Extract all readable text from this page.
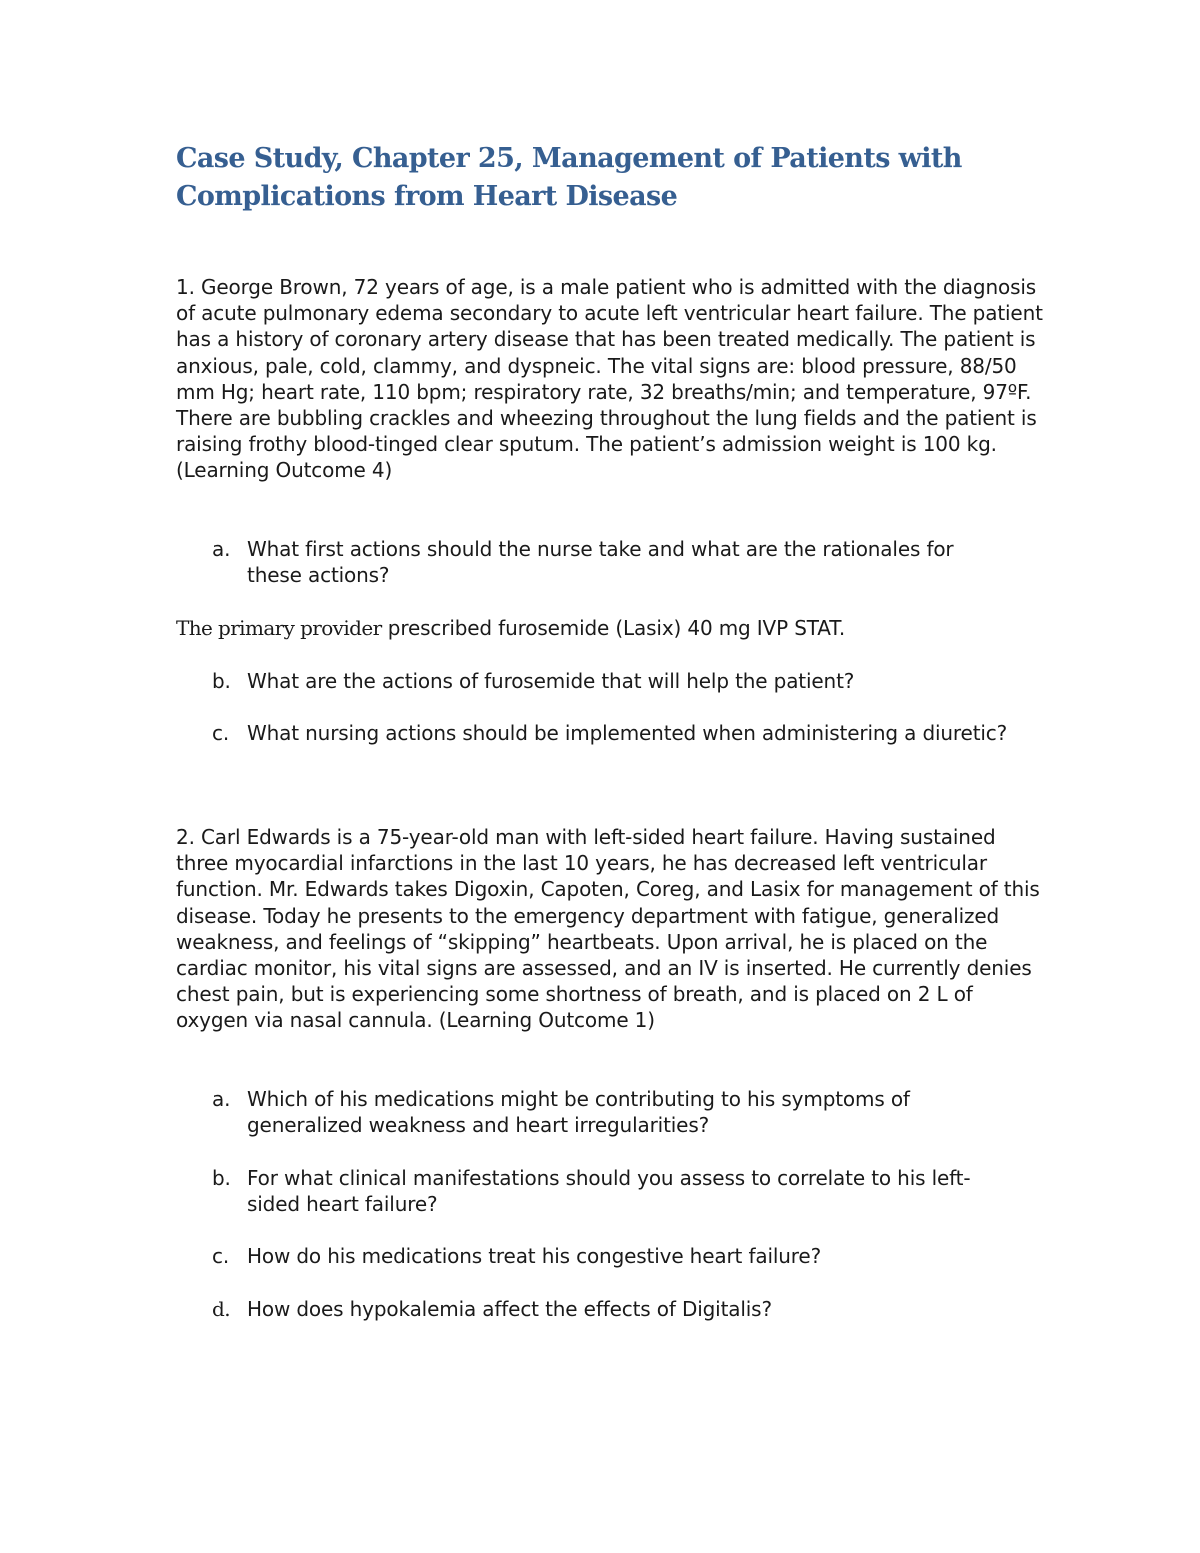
Case Study, Chapter 25, Management of Patients with Complications from Heart Disease

1. George Brown, 72 years of age, is a male patient who is admitted with the diagnosis of acute pulmonary edema secondary to acute left ventricular heart failure. The patient has a history of coronary artery disease that has been treated medically. The patient is anxious, pale, cold, clammy, and dyspneic. The vital signs are: blood pressure, 88/50 mm Hg; heart rate, 110 bpm; respiratory rate, 32 breaths/min; and temperature, 97ºF. There are bubbling crackles and wheezing throughout the lung fields and the patient is raising frothy blood-tinged clear sputum. The patient’s admission weight is 100 kg. (Learning Outcome 4)

a. What first actions should the nurse take and what are the rationales for these actions?

The primary provider prescribed furosemide (Lasix) 40 mg IVP STAT.

b. What are the actions of furosemide that will help the patient?
c. What nursing actions should be implemented when administering a diuretic?

2. Carl Edwards is a 75-year-old man with left-sided heart failure. Having sustained three myocardial infarctions in the last 10 years, he has decreased left ventricular function. Mr. Edwards takes Digoxin, Capoten, Coreg, and Lasix for management of this disease. Today he presents to the emergency department with fatigue, generalized weakness, and feelings of “skipping” heartbeats. Upon arrival, he is placed on the cardiac monitor, his vital signs are assessed, and an IV is inserted. He currently denies chest pain, but is experiencing some shortness of breath, and is placed on 2 L of oxygen via nasal cannula. (Learning Outcome 1)

a. Which of his medications might be contributing to his symptoms of generalized weakness and heart irregularities?
b. For what clinical manifestations should you assess to correlate to his left-sided heart failure?
c. How do his medications treat his congestive heart failure?
d. How does hypokalemia affect the effects of Digitalis?
